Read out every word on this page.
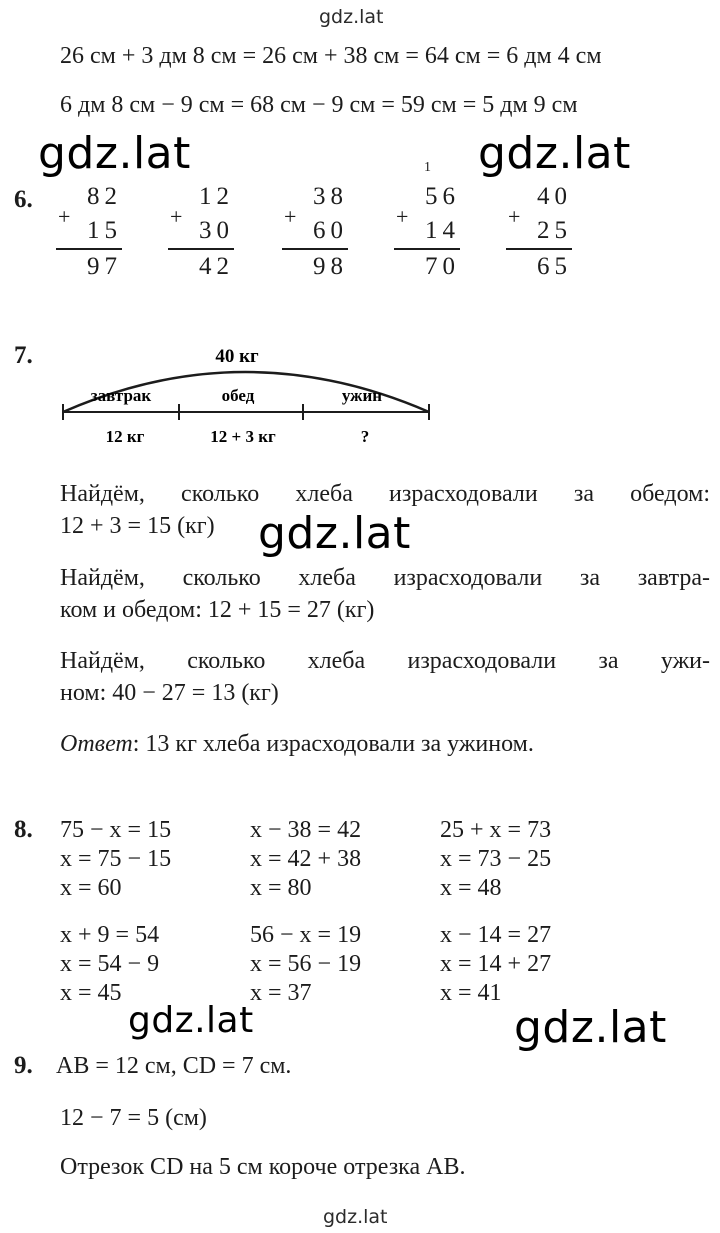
gdz.lat
26 см + 3 дм 8 см = 26 см + 38 см = 64 см = 6 дм 4 см
6 дм 8 см − 9 см = 68 см − 9 см = 59 см = 5 дм 9 см
gdz.lat	gdz.lat
gdz.lat
gdz.lat	gdz.lat
6.
1
+
82
15
97
+
12
30
42
+
38
60
98
+
56
14
70
+
40
25
65
7.	40 кг
завтрак	обед	ужин
12 кг	12 + 3 кг	?
Найдём, сколько хлеба израсходовали за обедом:
12 + 3 = 15 (кг)
Найдём, сколько хлеба израсходовали за завтра-
ком и обедом: 12 + 15 = 27 (кг)
Найдём, сколько хлеба израсходовали за ужи-
ном: 40 − 27 = 13 (кг)
Ответ: 13 кг хлеба израсходовали за ужином.
8. 75 − x = 15
x = 75 − 15
x = 60
x − 38 = 42
x = 42 + 38
x = 80
25 + x = 73
x = 73 − 25
x = 48
x + 9 = 54
x = 54 − 9
x = 45
56 − x = 19
x = 56 − 19
x = 37
x − 14 = 27
x = 14 + 27
x = 41
9. AB = 12 см, CD = 7 см.
12 − 7 = 5 (см)
Отрезок CD на 5 см короче отрезка AB.
gdz.lat
